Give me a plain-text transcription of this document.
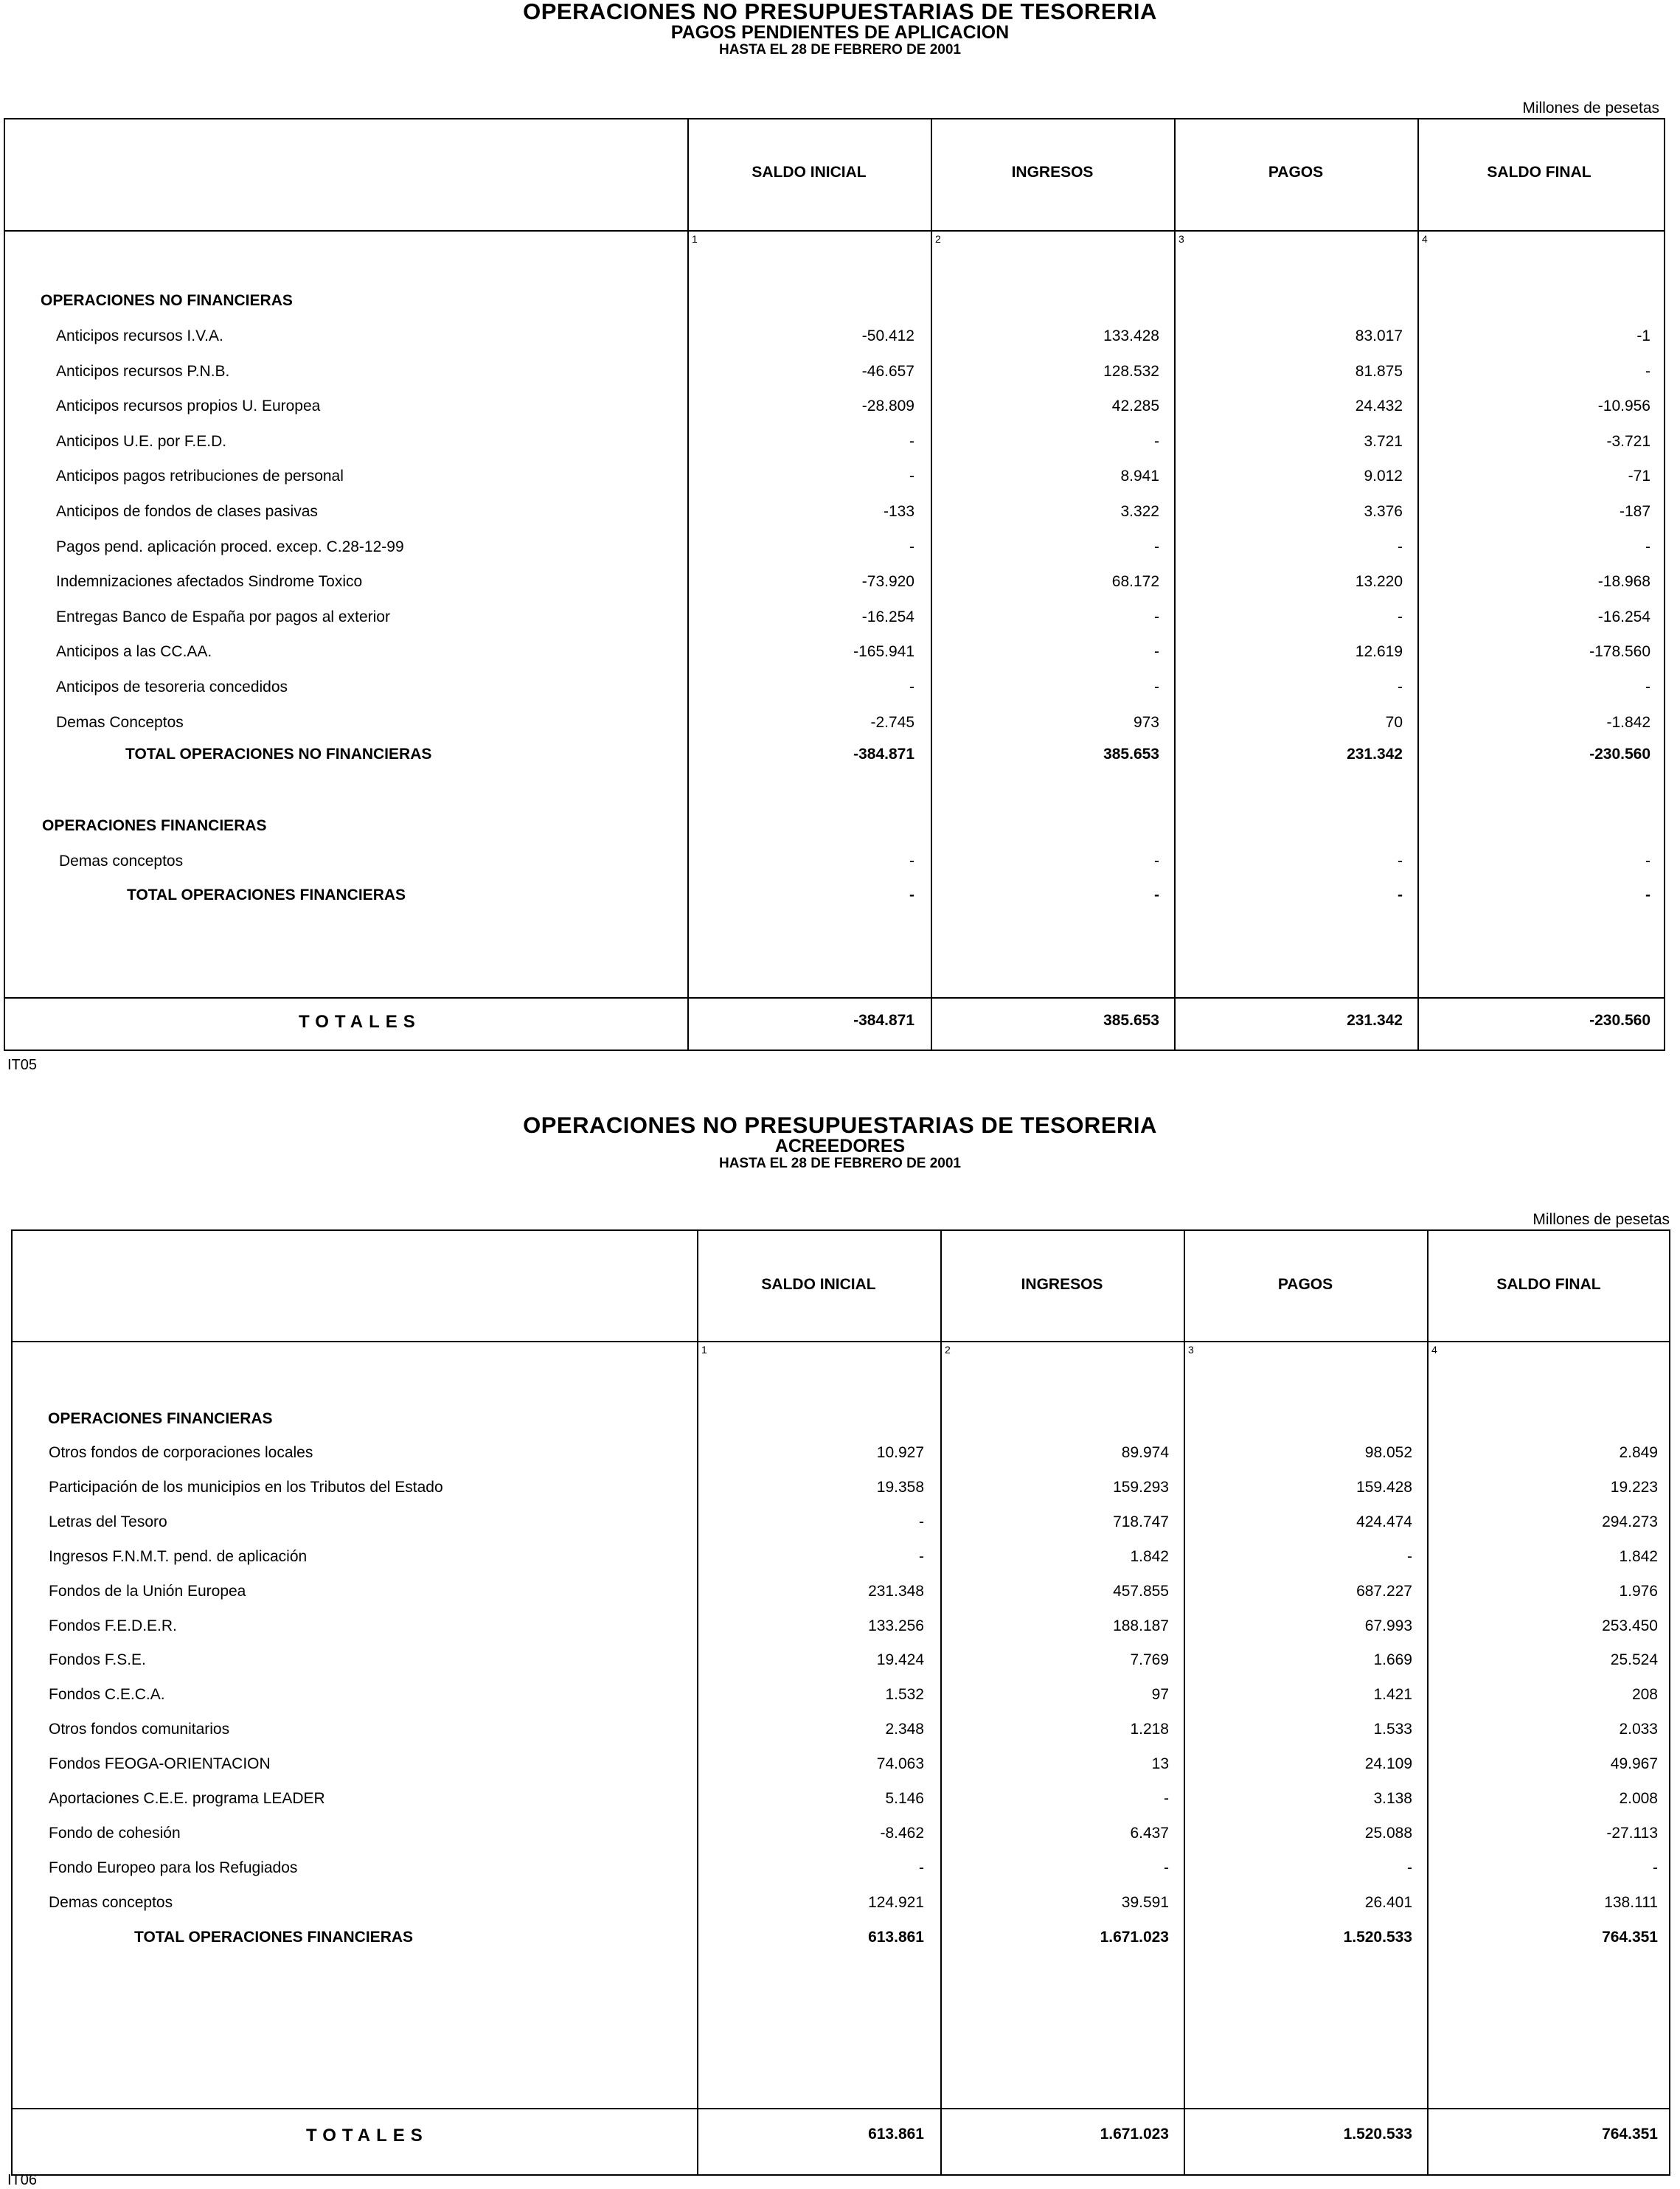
OPERACIONES NO PRESUPUESTARIAS DE TESORERIA
PAGOS PENDIENTES DE APLICACION
HASTA EL 28 DE FEBRERO DE 2001
Millones de pesetas
SALDO INICIAL	INGRESOS	PAGOS	SALDO FINAL
1	2	3	4
OPERACIONES NO FINANCIERAS
Anticipos recursos I.V.A.	-50.412	133.428	83.017	-1
Anticipos recursos P.N.B.	-46.657	128.532	81.875	-
Anticipos recursos propios U. Europea	-28.809	42.285	24.432	-10.956
Anticipos U.E. por F.E.D.	-	-	3.721	-3.721
Anticipos pagos retribuciones de personal	-	8.941	9.012	-71
Anticipos de fondos de clases pasivas	-133	3.322	3.376	-187
Pagos pend. aplicación proced. excep. C.28-12-99	-	-	-	-
Indemnizaciones afectados Sindrome Toxico	-73.920	68.172	13.220	-18.968
Entregas Banco de España por pagos al exterior	-16.254	-	-	-16.254
Anticipos a las CC.AA.	-165.941	-	12.619	-178.560
Anticipos de tesoreria concedidos	-	-	-	-
Demas Conceptos	-2.745	973	70	-1.842
TOTAL OPERACIONES NO FINANCIERAS	-384.871	385.653	231.342	-230.560
OPERACIONES FINANCIERAS
Demas conceptos	-	-	-	-
TOTAL OPERACIONES FINANCIERAS	-	-	-	-
TOTALES	-384.871	385.653	231.342	-230.560
IT05
OPERACIONES NO PRESUPUESTARIAS DE TESORERIA
ACREEDORES
HASTA EL 28 DE FEBRERO DE 2001
Millones de pesetas
SALDO INICIAL	INGRESOS	PAGOS	SALDO FINAL
1	2	3	4
OPERACIONES FINANCIERAS
Otros fondos de corporaciones locales	10.927	89.974	98.052	2.849
Participación de los municipios en los Tributos del Estado	19.358	159.293	159.428	19.223
Letras del Tesoro	-	718.747	424.474	294.273
Ingresos F.N.M.T. pend. de aplicación	-	1.842	-	1.842
Fondos de la Unión Europea	231.348	457.855	687.227	1.976
Fondos F.E.D.E.R.	133.256	188.187	67.993	253.450
Fondos F.S.E.	19.424	7.769	1.669	25.524
Fondos C.E.C.A.	1.532	97	1.421	208
Otros fondos comunitarios	2.348	1.218	1.533	2.033
Fondos FEOGA-ORIENTACION	74.063	13	24.109	49.967
Aportaciones C.E.E. programa LEADER	5.146	-	3.138	2.008
Fondo de cohesión	-8.462	6.437	25.088	-27.113
Fondo Europeo para los Refugiados	-	-	-	-
Demas conceptos	124.921	39.591	26.401	138.111
TOTAL OPERACIONES FINANCIERAS	613.861	1.671.023	1.520.533	764.351
TOTALES	613.861	1.671.023	1.520.533	764.351
IT06
